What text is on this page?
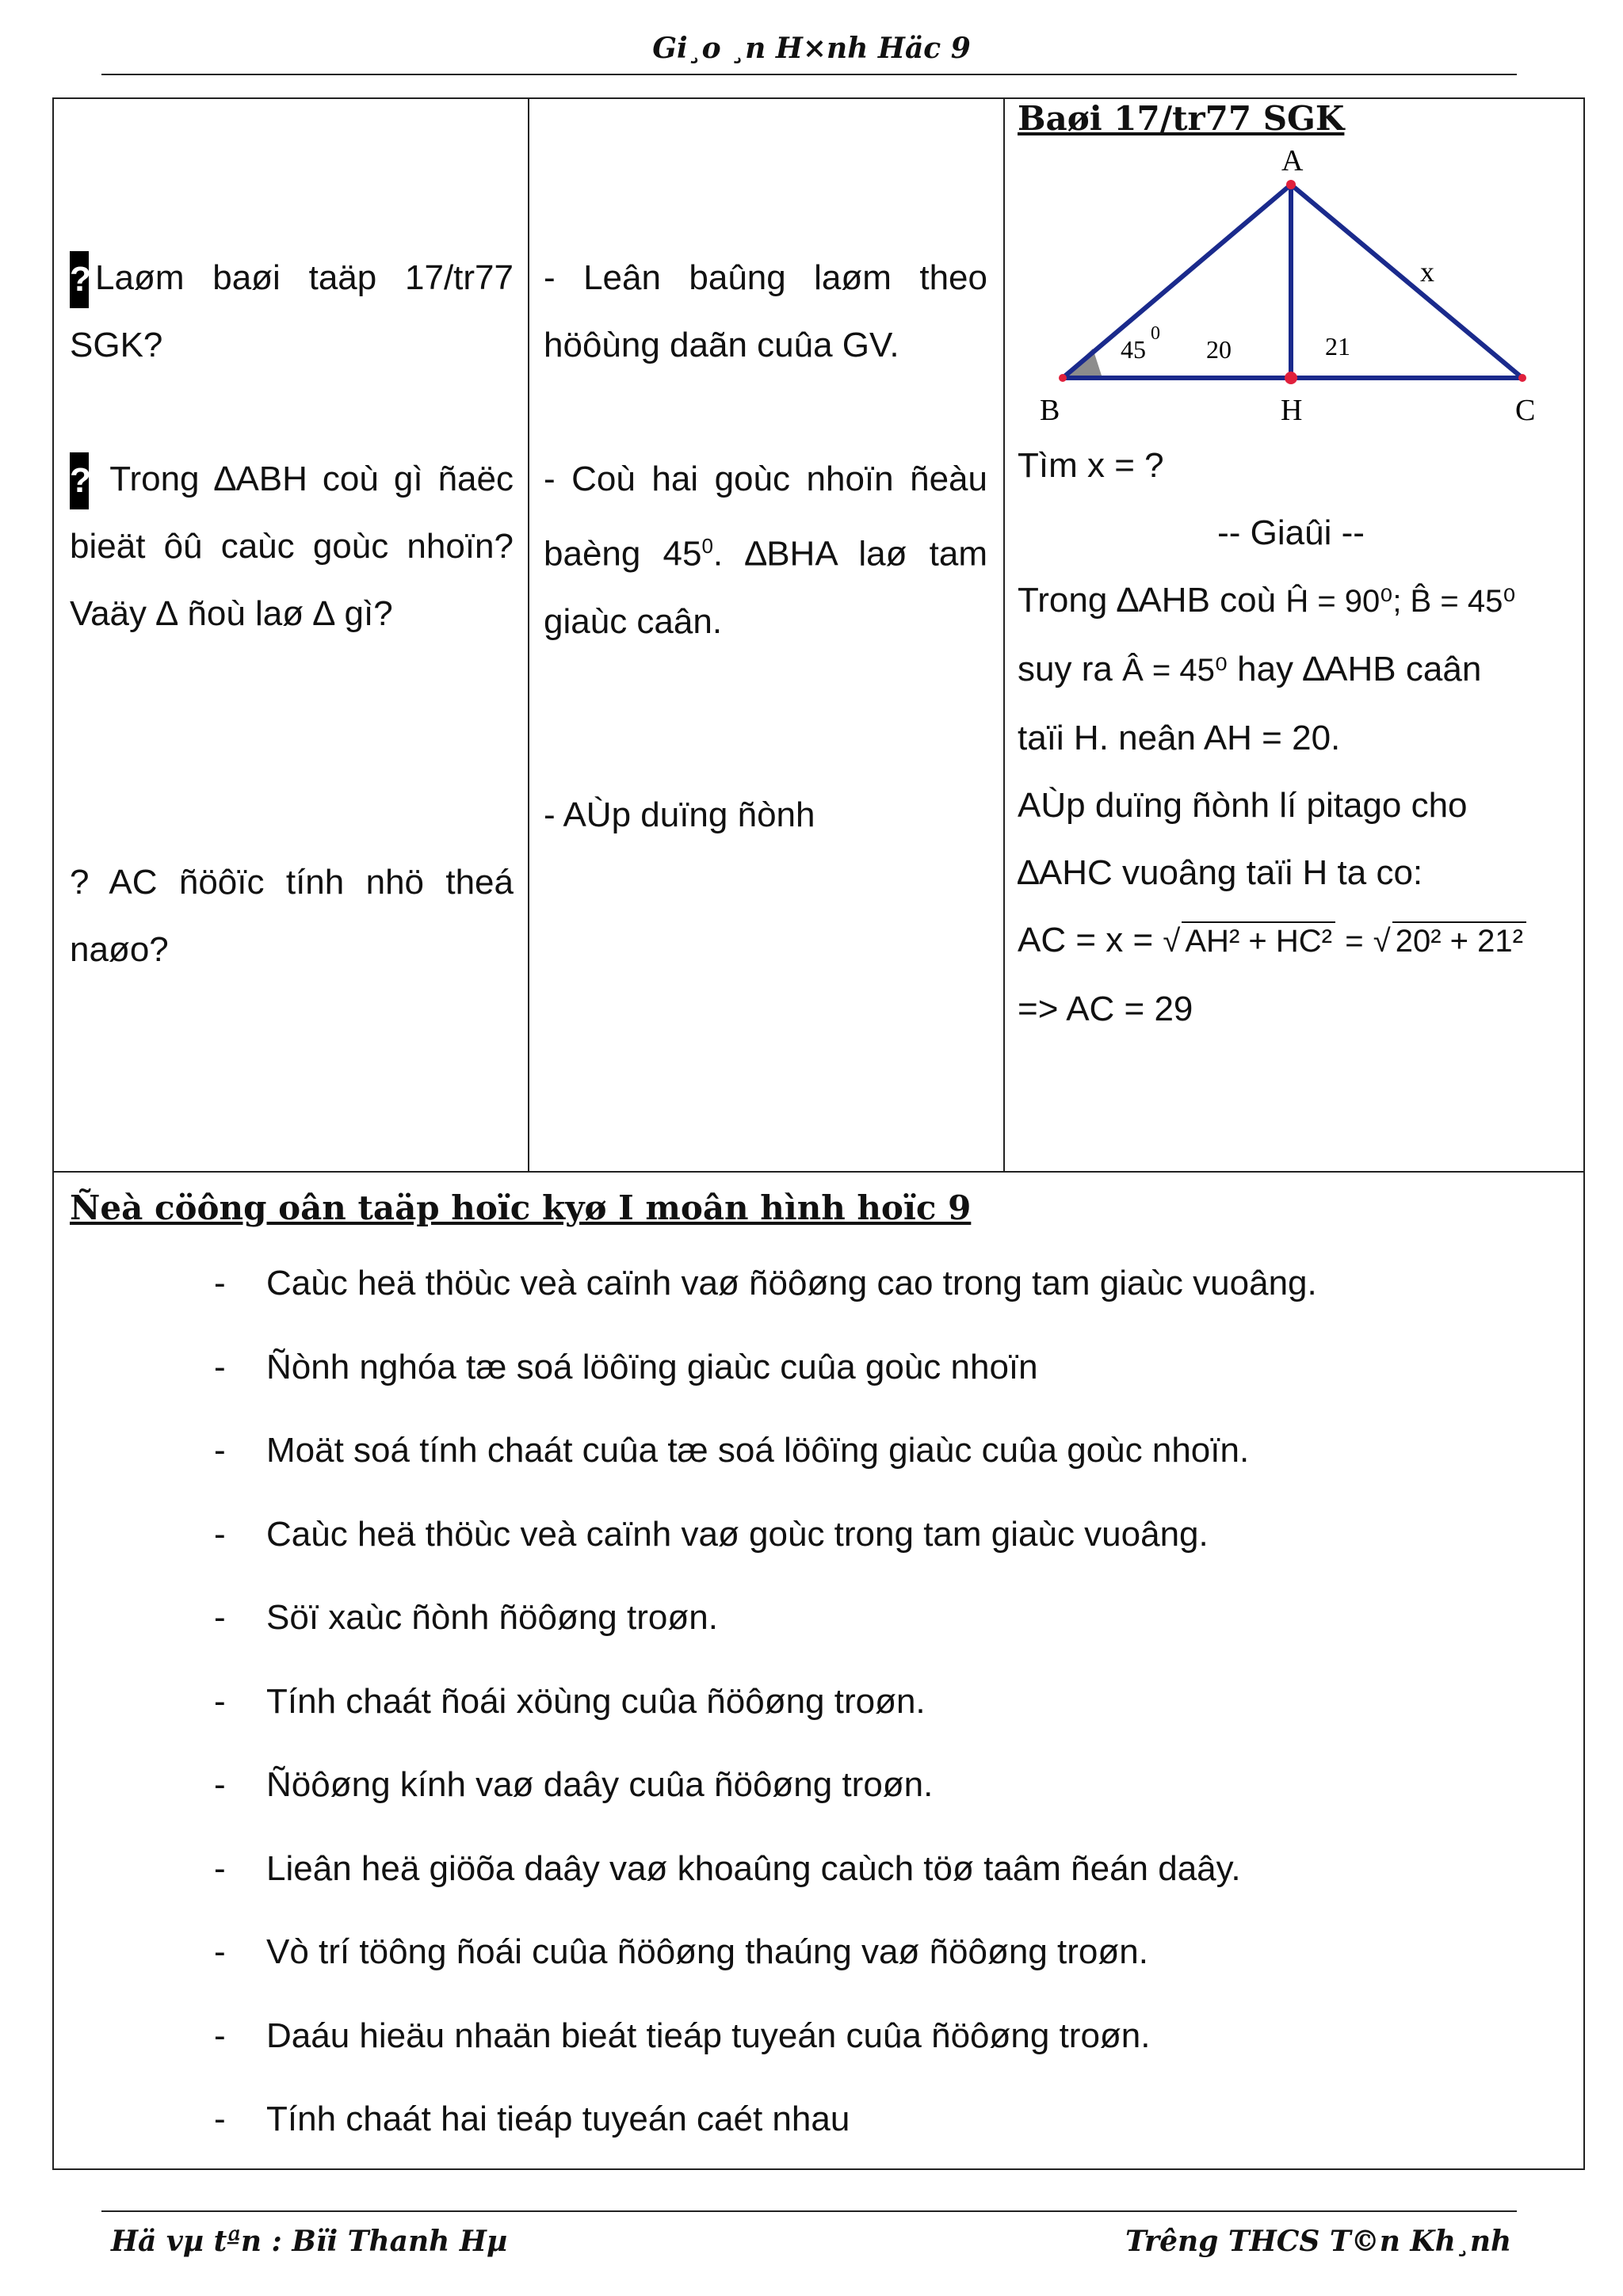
Gi¸o ¸n H×nh Häc 9

? Laøm baøi taäp 17/tr77 SGK?

? Trong ∆ABH coù gì ñaëc bieät ôû caùc goùc nhoïn? Vaäy ∆ ñoù laø ∆ gì?

? AC ñöôïc tính nhö theá naøo?
- Leân baûng laøm theo höôùng daãn cuûa GV.

- Coù hai goùc nhoïn ñeàu baèng $45^0$. ∆BHA laø tam giaùc caân.

- AÙp duïng ñònh
Baøi 17/tr77 SGK
A
B	H	C
45
0
20	21
x

Tìm x = ?

-- Giaûi --

Trong ∆AHB coù Ĥ = 90⁰; B̂ = 45⁰

suy ra Â = 45⁰ hay ∆AHB caân

taïi H. neân AH = 20.

AÙp duïng ñònh lí pitago cho

∆AHC vuoâng taïi H ta co:

AC = x = √ AH² + HC² = √ 20² + 21²

=> AC = 29

Ñeà cöông oân taäp hoïc kyø I moân hình hoïc 9
-	Caùc heä thöùc veà caïnh vaø ñöôøng cao trong tam giaùc vuoâng.
-	Ñònh nghóa tæ soá löôïng giaùc cuûa goùc nhoïn
-	Moät soá tính chaát cuûa tæ soá löôïng giaùc cuûa goùc nhoïn.
-	Caùc heä thöùc veà caïnh vaø goùc trong tam giaùc vuoâng.
-	Söï xaùc ñònh ñöôøng troøn.
-	Tính chaát ñoái xöùng cuûa ñöôøng troøn.
-	Ñöôøng kính vaø daây cuûa ñöôøng troøn.
-	Lieân heä giöõa daây vaø khoaûng caùch töø taâm ñeán daây.
-	Vò trí töông ñoái cuûa ñöôøng thaúng vaø ñöôøng troøn.
-	Daáu hieäu nhaän bieát tieáp tuyeán cuûa ñöôøng troøn.
-	Tính chaát hai tieáp tuyeán caét nhau
Hä vµ tªn : Bïi Thanh Hµ	Trêng THCS T©n Kh¸nh
